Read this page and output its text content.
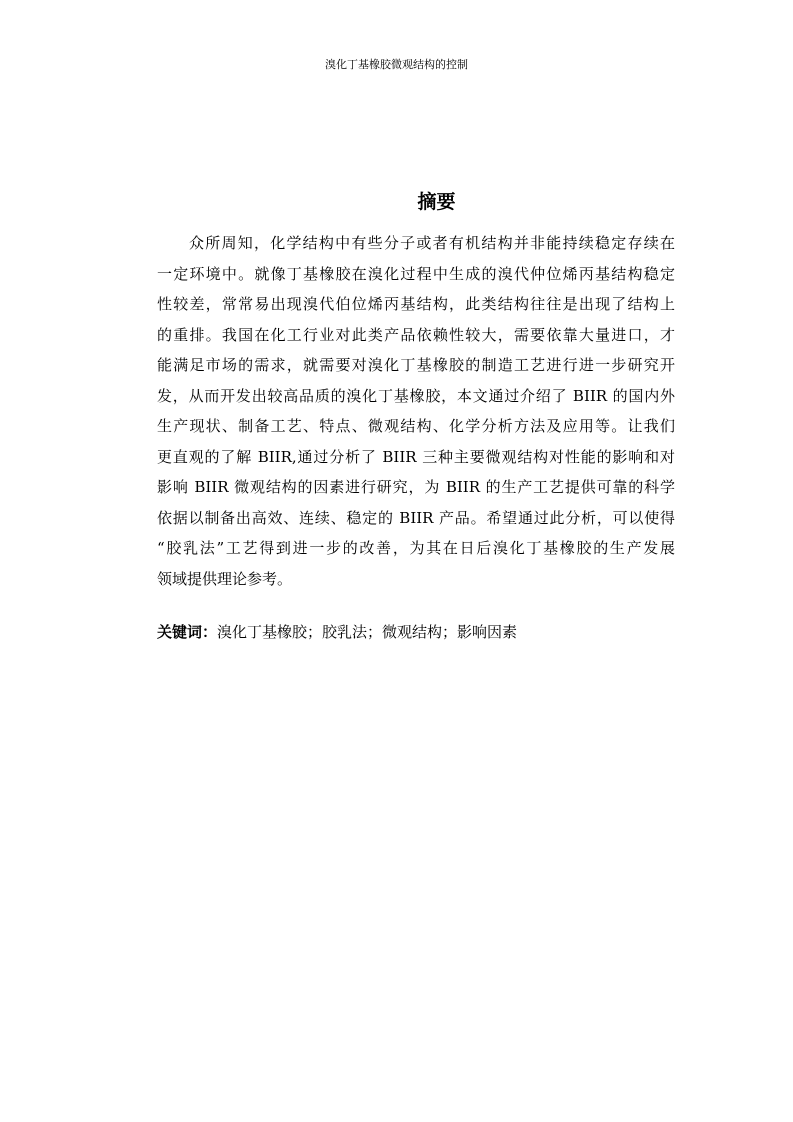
溴化丁基橡胶微观结构的控制
摘要
众所周知，化学结构中有些分子或者有机结构并非能持续稳定存续在
一定环境中。就像丁基橡胶在溴化过程中生成的溴代仲位烯丙基结构稳定
性较差，常常易出现溴代伯位烯丙基结构，此类结构往往是出现了结构上
的重排。我国在化工行业对此类产品依赖性较大，需要依靠大量进口，才
能满足市场的需求，就需要对溴化丁基橡胶的制造工艺进行进一步研究开
发，从而开发出较高品质的溴化丁基橡胶，本文通过介绍了 BIIR 的国内外
生产现状、制备工艺、特点、微观结构、化学分析方法及应用等。让我们
更直观的了解 BIIR,通过分析了 BIIR 三种主要微观结构对性能的影响和对
影响 BIIR 微观结构的因素进行研究，为 BIIR 的生产工艺提供可靠的科学
依据以制备出高效、连续、稳定的 BIIR 产品。希望通过此分析，可以使得
“胶乳法”工艺得到进一步的改善，为其在日后溴化丁基橡胶的生产发展
领域提供理论参考。

关键词：溴化丁基橡胶；胶乳法；微观结构；影响因素
